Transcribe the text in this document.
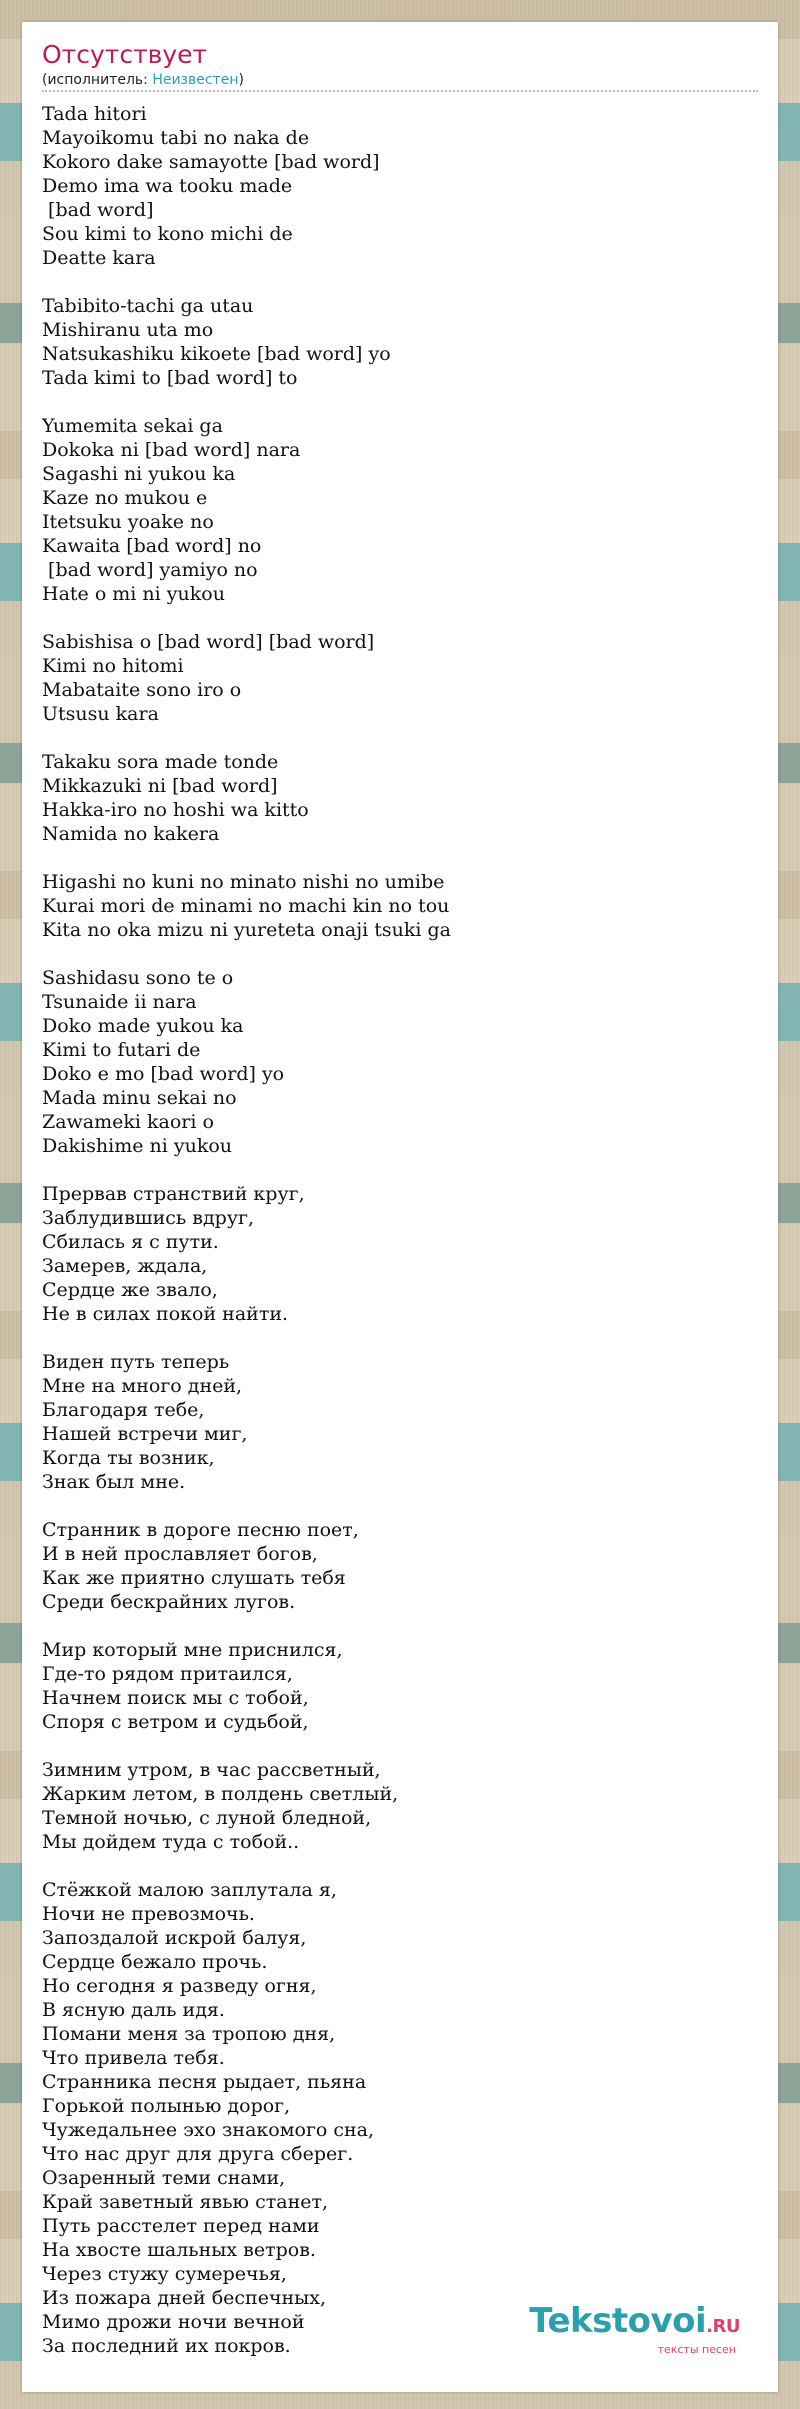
Отсутствует
(исполнитель: Неизвестен)
Tada hitori
Mayoikomu tabi no naka de
Kokoro dake samayotte [bad word]
Demo ima wa tooku made
[bad word]
Sou kimi to kono michi de
Deatte kara
Tabibito-tachi ga utau
Mishiranu uta mo
Natsukashiku kikoete [bad word] yo
Tada kimi to [bad word] to
Yumemita sekai ga
Dokoka ni [bad word] nara
Sagashi ni yukou ka
Kaze no mukou e
Itetsuku yoake no
Kawaita [bad word] no
[bad word] yamiyo no
Hate o mi ni yukou
Sabishisa o [bad word] [bad word]
Kimi no hitomi
Mabataite sono iro o
Utsusu kara
Takaku sora made tonde
Mikkazuki ni [bad word]
Hakka-iro no hoshi wa kitto
Namida no kakera
Higashi no kuni no minato nishi no umibe
Kurai mori de minami no machi kin no tou
Kita no oka mizu ni yureteta onaji tsuki ga
Sashidasu sono te o
Tsunaide ii nara
Doko made yukou ka
Kimi to futari de
Doko e mo [bad word] yo
Mada minu sekai no
Zawameki kaori o
Dakishime ni yukou
Прервав странствий круг,
Заблудившись вдруг,
Сбилась я с пути.
Замерев, ждала,
Сердце же звало,
Не в силах покой найти.
Виден путь теперь
Мне на много дней,
Благодаря тебе,
Нашей встречи миг,
Когда ты возник,
Знак был мне.
Странник в дороге песню поет,
И в ней прославляет богов,
Как же приятно слушать тебя
Среди бескрайних лугов.
Мир который мне приснился,
Где-то рядом притаился,
Начнем поиск мы с тобой,
Споря с ветром и судьбой,
Зимним утром, в час рассветный,
Жарким летом, в полдень светлый,
Темной ночью, с луной бледной,
Мы дойдем туда с тобой..
Стёжкой малою заплутала я,
Ночи не превозмочь.
Запоздалой искрой балуя,
Сердце бежало прочь.
Но сегодня я разведу огня,
В ясную даль идя.
Помани меня за тропою дня,
Что привела тебя.
Странника песня рыдает, пьяна
Горькой полынью дорог,
Чужедальнее эхо знакомого сна,
Что нас друг для друга сберег.
Озаренный теми снами,
Край заветный явью станет,
Путь расстелет перед нами
На хвосте шальных ветров.
Через стужу сумеречья,
Из пожара дней беспечных,
Мимо дрожи ночи вечной
За последний их покров.
Tekstovoi.RU
тексты песен
